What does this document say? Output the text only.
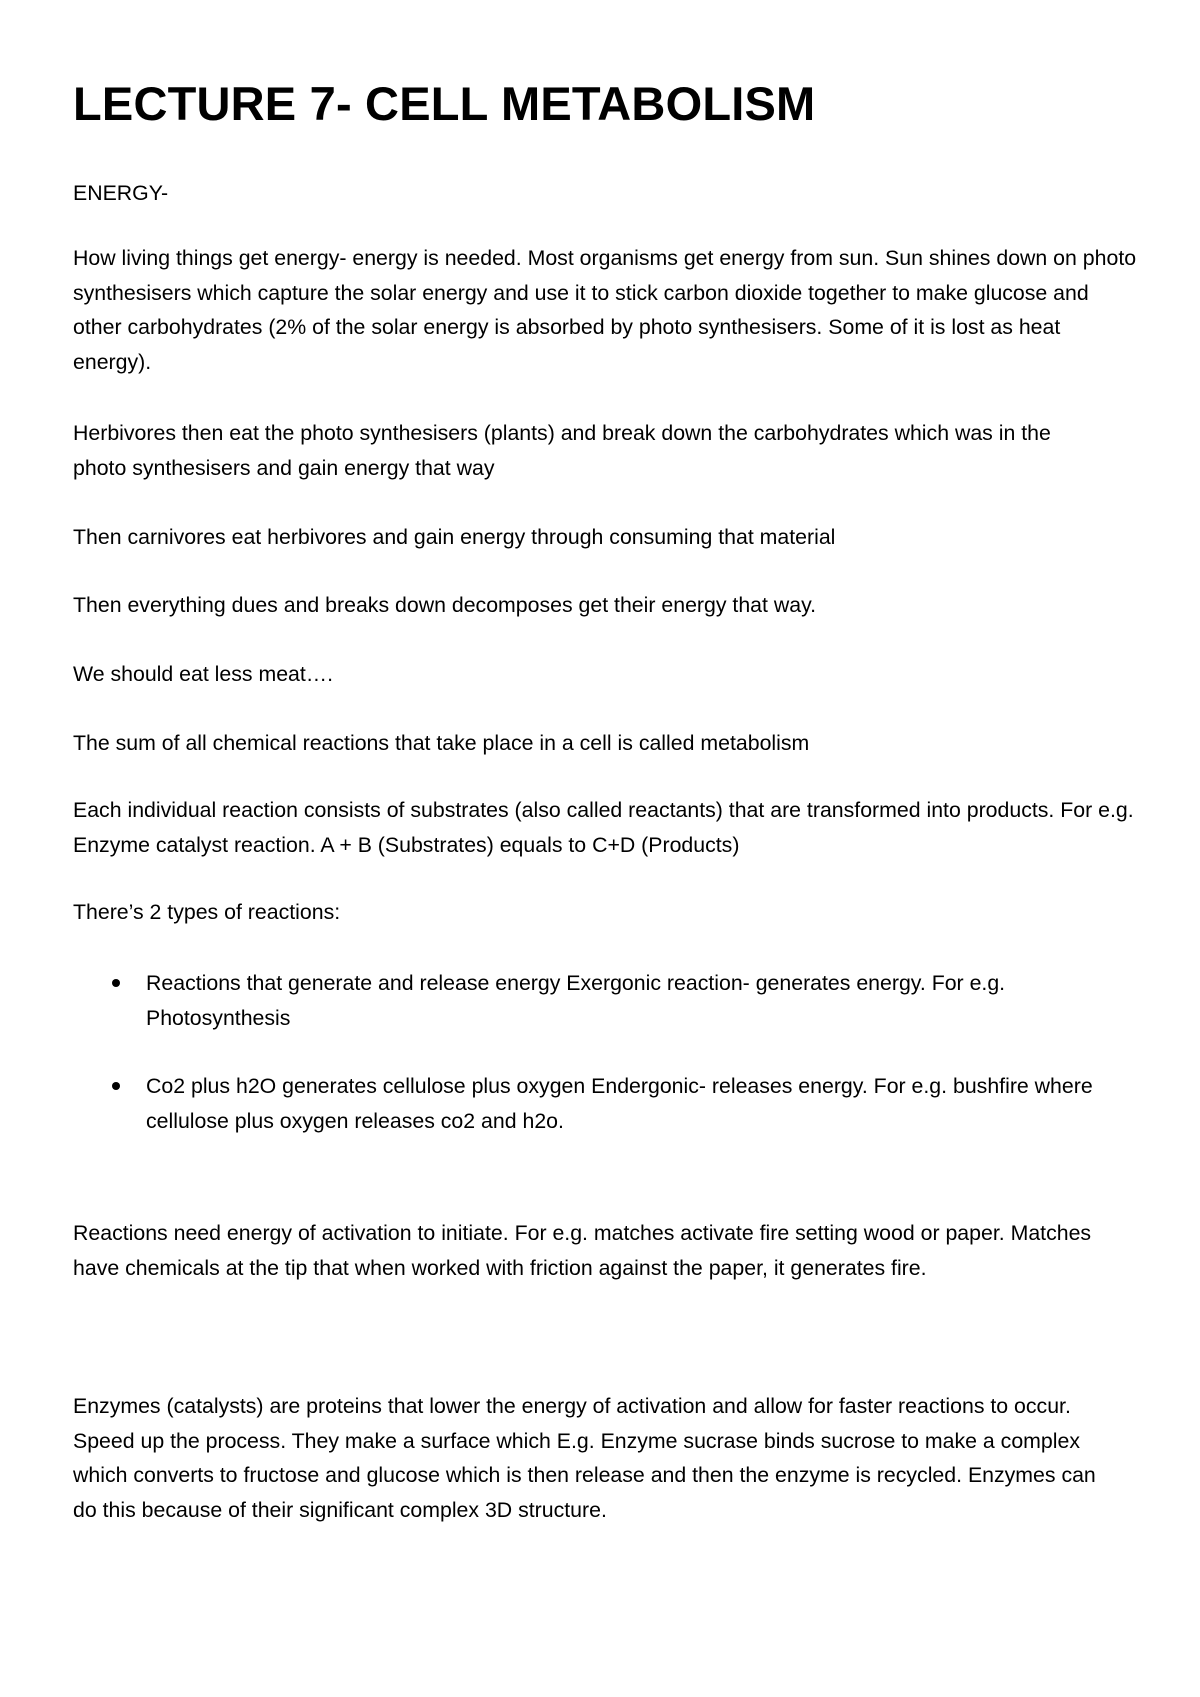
LECTURE 7- CELL METABOLISM

ENERGY-

How living things get energy- energy is needed. Most organisms get energy from sun. Sun shines down on photo synthesisers which capture the solar energy and use it to stick carbon dioxide together to make glucose and other carbohydrates (2% of the solar energy is absorbed by photo synthesisers. Some of it is lost as heat energy).

Herbivores then eat the photo synthesisers (plants) and break down the carbohydrates which was in the photo synthesisers and gain energy that way

Then carnivores eat herbivores and gain energy through consuming that material

Then everything dues and breaks down decomposes get their energy that way.

We should eat less meat….

The sum of all chemical reactions that take place in a cell is called metabolism

Each individual reaction consists of substrates (also called reactants) that are transformed into products. For e.g. Enzyme catalyst reaction. A + B (Substrates) equals to C+D (Products)

There’s 2 types of reactions:

Reactions that generate and release energy Exergonic reaction- generates energy. For e.g. Photosynthesis
Co2 plus h2O generates cellulose plus oxygen Endergonic- releases energy. For e.g. bushfire where cellulose plus oxygen releases co2 and h2o.

Reactions need energy of activation to initiate. For e.g. matches activate fire setting wood or paper. Matches have chemicals at the tip that when worked with friction against the paper, it generates fire.

Enzymes (catalysts) are proteins that lower the energy of activation and allow for faster reactions to occur. Speed up the process. They make a surface which E.g. Enzyme sucrase binds sucrose to make a complex which converts to fructose and glucose which is then release and then the enzyme is recycled. Enzymes can do this because of their significant complex 3D structure.
